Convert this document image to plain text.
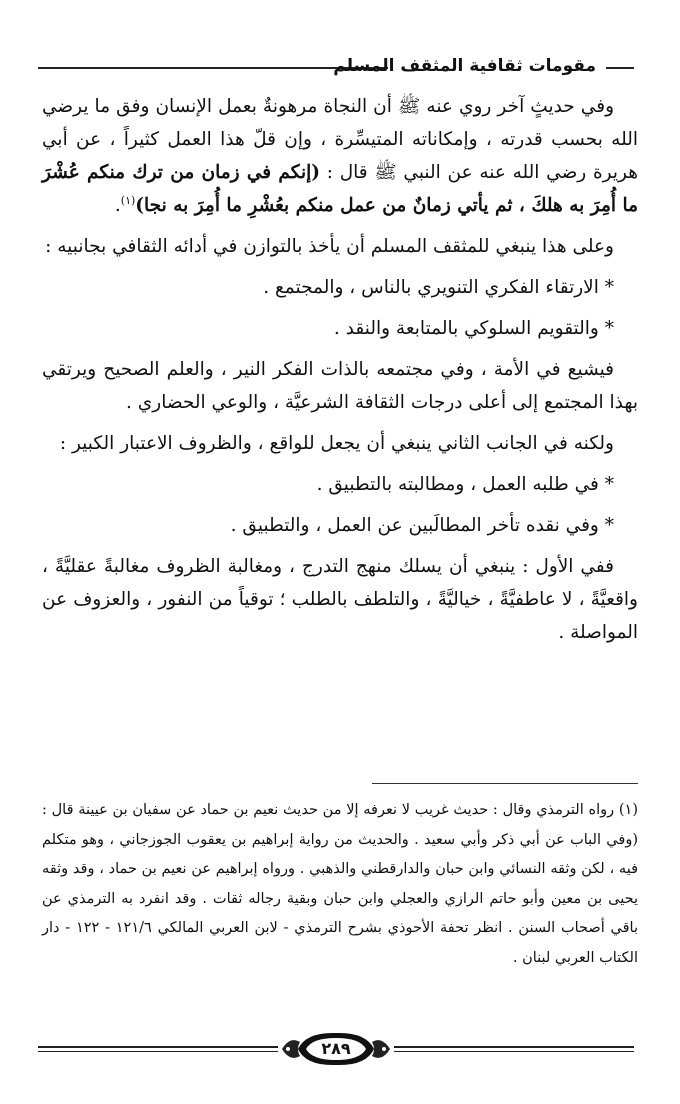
مقومات ثقافية المثقف المسلم

وفي حديثٍ آخر روي عنه ﷺ أن النجاة مرهونةٌ بعمل الإنسان وفق ما يرضي الله بحسب قدرته ، وإمكاناته المتيسِّرة ، وإن قلّ هذا العمل كثيراً ، عن أبي هريرة رضي الله عنه عن النبي ﷺ قال : (إنكم في زمان من ترك منكم عُشْرَ ما أُمِرَ به هلكَ ، ثم يأتي زمانٌ من عمل منكم بعُشْرِ ما أُمِرَ به نجا)$^{(١)}$.

وعلى هذا ينبغي للمثقف المسلم أن يأخذ بالتوازن في أدائه الثقافي بجانبيه :

* الارتقاء الفكري التنويري بالناس ، والمجتمع .

* والتقويم السلوكي بالمتابعة والنقد .

فيشيع في الأمة ، وفي مجتمعه بالذات الفكر النير ، والعلم الصحيح ويرتقي بهذا المجتمع إلى أعلى درجات الثقافة الشرعيَّة ، والوعي الحضاري .

ولكنه في الجانب الثاني ينبغي أن يجعل للواقع ، والظروف الاعتبار الكبير :

* في طلبه العمل ، ومطالبته بالتطبيق .

* وفي نقده تأخر المطالَبين عن العمل ، والتطبيق .

ففي الأول : ينبغي أن يسلك منهج التدرج ، ومغالبة الظروف مغالبةً عقليَّةً ، واقعيَّةً ، لا عاطفيَّةً ، خياليَّةً ، والتلطف بالطلب ؛ توقياً من النفور ، والعزوف عن المواصلة .

(١) رواه الترمذي وقال : حديث غريب لا نعرفه إلا من حديث نعيم بن حماد عن سفيان بن عيينة قال : (وفي الباب عن أبي ذكر وأبي سعيد . والحديث من رواية إبراهيم بن يعقوب الجوزجاني ، وهو متكلم فيه ، لكن وثقه النسائي وابن حبان والدارقطني والذهبي . ورواه إبراهيم عن نعيم بن حماد ، وقد وثقه يحيى بن معين وأبو حاتم الرازي والعجلي وابن حبان وبقية رجاله ثقات . وقد انفرد به الترمذي عن باقي أصحاب السنن . انظر تحفة الأحوذي بشرح الترمذي - لابن العربي المالكي ١٢١/٦ - ١٢٢ - دار الكتاب العربي لبنان .

٢٨٩
